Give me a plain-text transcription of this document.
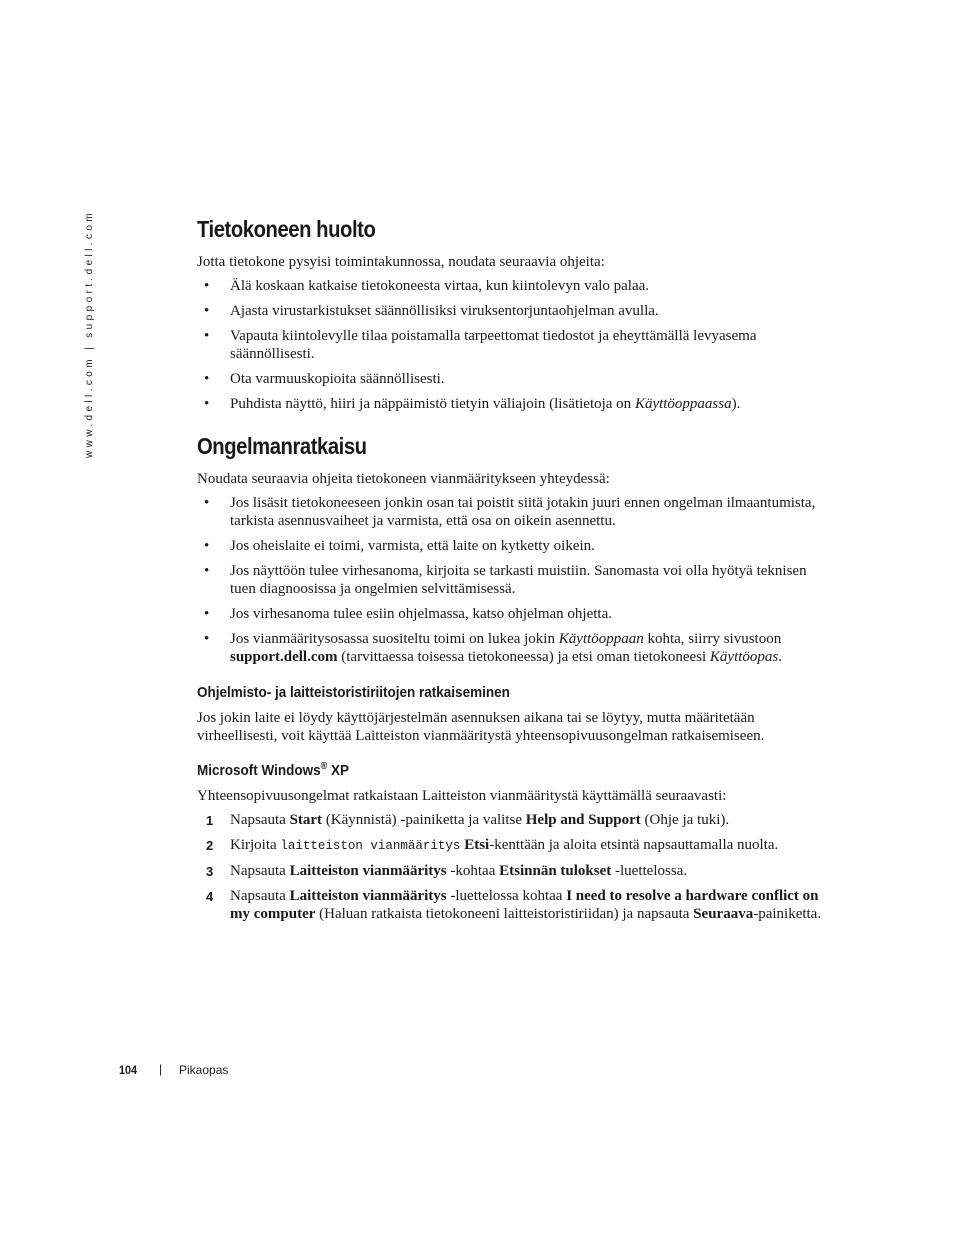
www.dell.com | support.dell.com	Tietokoneen huolto

Jotta tietokone pysyisi toimintakunnossa, noudata seuraavia ohjeita:

• Älä koskaan katkaise tietokoneesta virtaa, kun kiintolevyn valo palaa.
• Ajasta virustarkistukset säännöllisiksi viruksentorjuntaohjelman avulla.
• Vapauta kiintolevylle tilaa poistamalla tarpeettomat tiedostot ja eheyttämällä levyasema säännöllisesti.
• Ota varmuuskopioita säännöllisesti.
• Puhdista näyttö, hiiri ja näppäimistö tietyin väliajoin (lisätietoja on Käyttöoppaassa).
Ongelmanratkaisu

Noudata seuraavia ohjeita tietokoneen vianmääritykseen yhteydessä:

• Jos lisäsit tietokoneeseen jonkin osan tai poistit siitä jotakin juuri ennen ongelman ilmaantumista, tarkista asennusvaiheet ja varmista, että osa on oikein asennettu.
• Jos oheislaite ei toimi, varmista, että laite on kytketty oikein.
• Jos näyttöön tulee virhesanoma, kirjoita se tarkasti muistiin. Sanomasta voi olla hyötyä teknisen tuen diagnoosissa ja ongelmien selvittämisessä.
• Jos virhesanoma tulee esiin ohjelmassa, katso ohjelman ohjetta.
• Jos vianmääritysosassa suositeltu toimi on lukea jokin Käyttöoppaan kohta, siirry sivustoon support.dell.com (tarvittaessa toisessa tietokoneessa) ja etsi oman tietokoneesi Käyttöopas.
Ohjelmisto- ja laitteistoristiriitojen ratkaiseminen

Jos jokin laite ei löydy käyttöjärjestelmän asennuksen aikana tai se löytyy, mutta määritetään virheellisesti, voit käyttää Laitteiston vianmääritystä yhteensopivuusongelman ratkaisemiseen.

Microsoft Windows® XP

Yhteensopivuusongelmat ratkaistaan Laitteiston vianmääritystä käyttämällä seuraavasti:

1 Napsauta Start (Käynnistä) -painiketta ja valitse Help and Support (Ohje ja tuki).
2 Kirjoita laitteiston vianmääritys Etsi-kenttään ja aloita etsintä napsauttamalla nuolta.
3 Napsauta Laitteiston vianmääritys -kohtaa Etsinnän tulokset -luettelossa.
4 Napsauta Laitteiston vianmääritys -luettelossa kohtaa I need to resolve a hardware conflict on my computer (Haluan ratkaista tietokoneeni laitteistoristiriidan) ja napsauta Seuraava-painiketta.
104 | Pikaopas
